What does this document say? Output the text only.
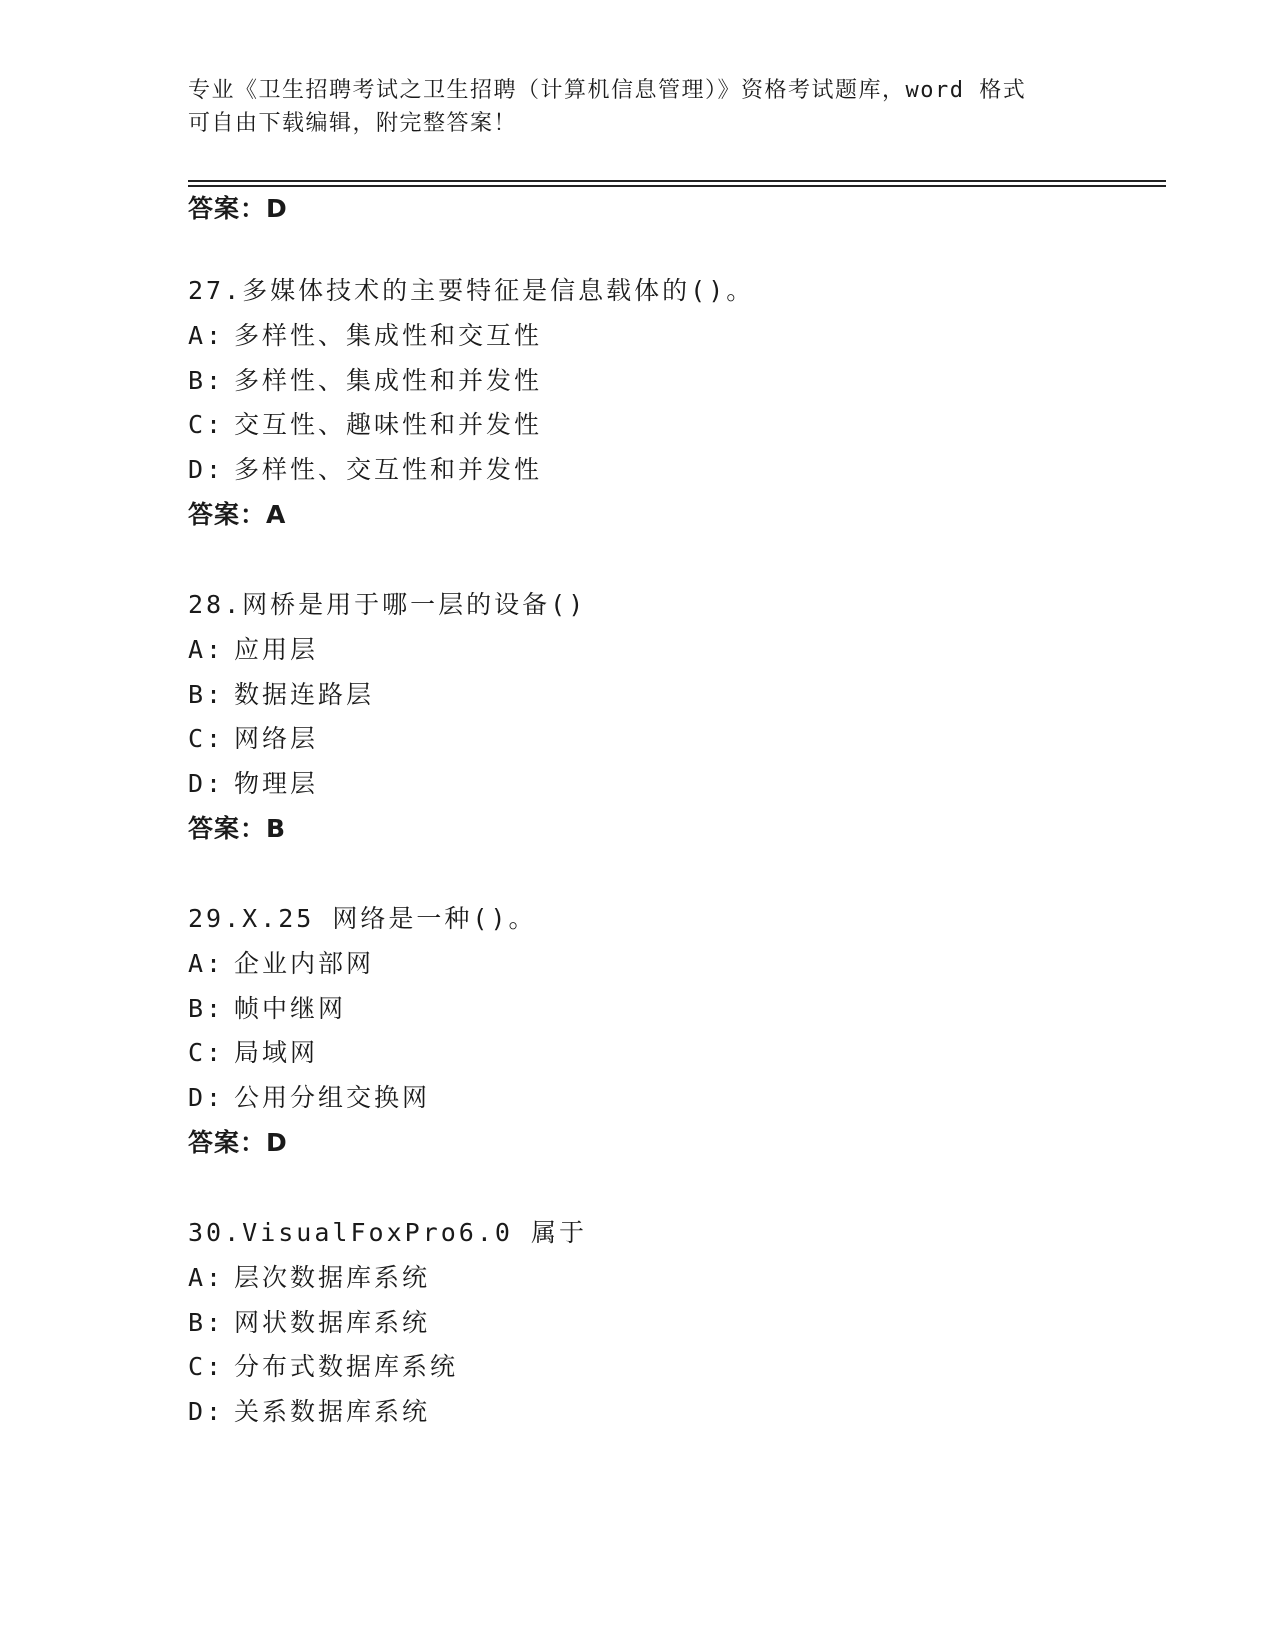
专业《卫生招聘考试之卫生招聘（计算机信息管理）》资格考试题库，word 格式
可自由下载编辑，附完整答案！
答案：D
27.多媒体技术的主要特征是信息载体的()。
A: 多样性、集成性和交互性
B: 多样性、集成性和并发性
C: 交互性、趣味性和并发性
D: 多样性、交互性和并发性
答案：A
28.网桥是用于哪一层的设备()
A: 应用层
B: 数据连路层
C: 网络层
D: 物理层
答案：B
29.X.25 网络是一种()。
A: 企业内部网
B: 帧中继网
C: 局域网
D: 公用分组交换网
答案：D
30.VisualFoxPro6.0 属于
A: 层次数据库系统
B: 网状数据库系统
C: 分布式数据库系统
D: 关系数据库系统
